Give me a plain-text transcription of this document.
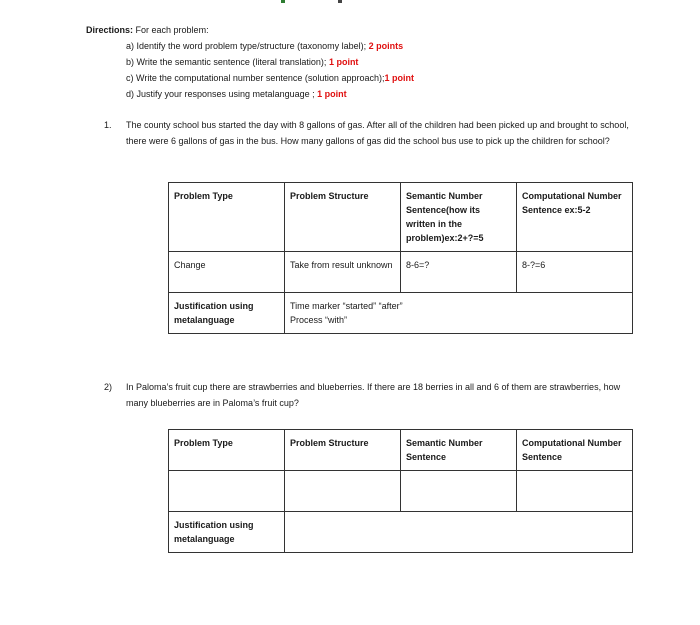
Directions: For each problem:
a) Identify the word problem type/structure (taxonomy label); 2 points
b) Write the semantic sentence (literal translation); 1 point
c) Write the computational number sentence (solution approach);1 point
d) Justify your responses using metalanguage ; 1 point
1. The county school bus started the day with 8 gallons of gas. After all of the children had been picked up and brought to school, there were 6 gallons of gas in the bus. How many gallons of gas did the school bus use to pick up the children for school?
Problem Type	Problem Structure	Semantic Number Sentence(how its written in the problem)ex:2+?=5	Computational Number Sentence ex:5-2
Change	Take from result unknown	8-6=?	8-?=6
Justification using metalanguage	Time marker “started” “after”
Process “with”		
2) In Paloma’s fruit cup there are strawberries and blueberries. If there are 18 berries in all and 6 of them are strawberries, how many blueberries are in Paloma’s fruit cup?
Problem Type	Problem Structure	Semantic Number Sentence	Computational Number Sentence

Justification using metalanguage			
